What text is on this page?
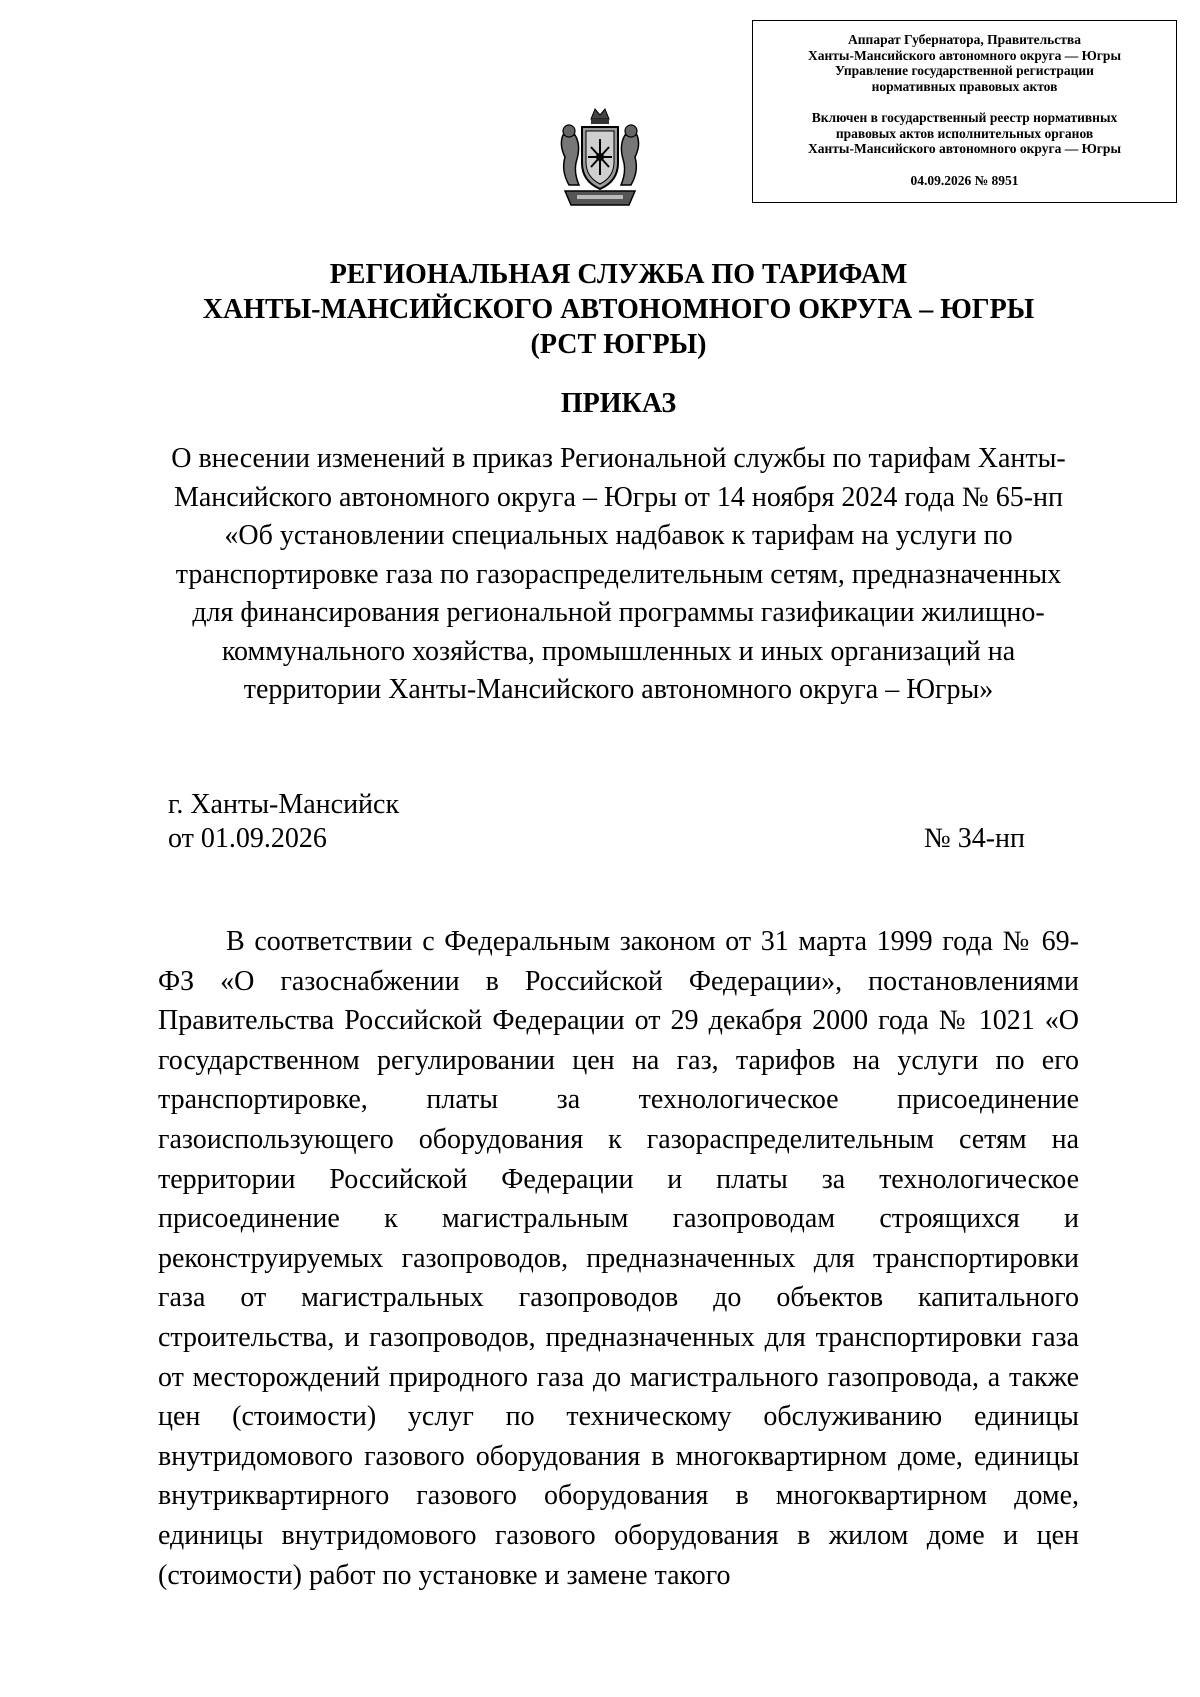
Аппарат Губернатора, Правительства

Ханты-Мансийского автономного округа — Югры

Управление государственной регистрации

нормативных правовых актов

Включен в государственный реестр нормативных

правовых актов исполнительных органов

Ханты-Мансийского автономного округа — Югры

04.09.2026 № 8951

РЕГИОНАЛЬНАЯ СЛУЖБА ПО ТАРИФАМ
ХАНТЫ-МАНСИЙСКОГО АВТОНОМНОГО ОКРУГА – ЮГРЫ
(РСТ ЮГРЫ)
ПРИКАЗ
О внесении изменений в приказ Региональной службы по тарифам Ханты-Мансийского автономного округа – Югры от 14 ноября 2024 года № 65-нп «Об установлении специальных надбавок к тарифам на услуги по транспортировке газа по газораспределительным сетям, предназначенных для финансирования региональной программы газификации жилищно-коммунального хозяйства, промышленных и иных организаций на территории Ханты-Мансийского автономного округа – Югры»
г. Ханты-Мансийск
от 01.09.2026	№ 34-нп
В соответствии с Федеральным законом от 31 марта 1999 года № 69-ФЗ «О газоснабжении в Российской Федерации», постановлениями Правительства Российской Федерации от 29 декабря 2000 года № 1021 «О государственном регулировании цен на газ, тарифов на услуги по его транспортировке, платы за технологическое присоединение газоиспользующего оборудования к газораспределительным сетям на территории Российской Федерации и платы за технологическое присоединение к магистральным газопроводам строящихся и реконструируемых газопроводов, предназначенных для транспортировки газа от магистральных газопроводов до объектов капитального строительства, и газопроводов, предназначенных для транспортировки газа от месторождений природного газа до магистрального газопровода, а также цен (стоимости) услуг по техническому обслуживанию единицы внутридомового газового оборудования в многоквартирном доме, единицы внутриквартирного газового оборудования в многоквартирном доме, единицы внутридомового газового оборудования в жилом доме и цен (стоимости) работ по установке и замене такого
